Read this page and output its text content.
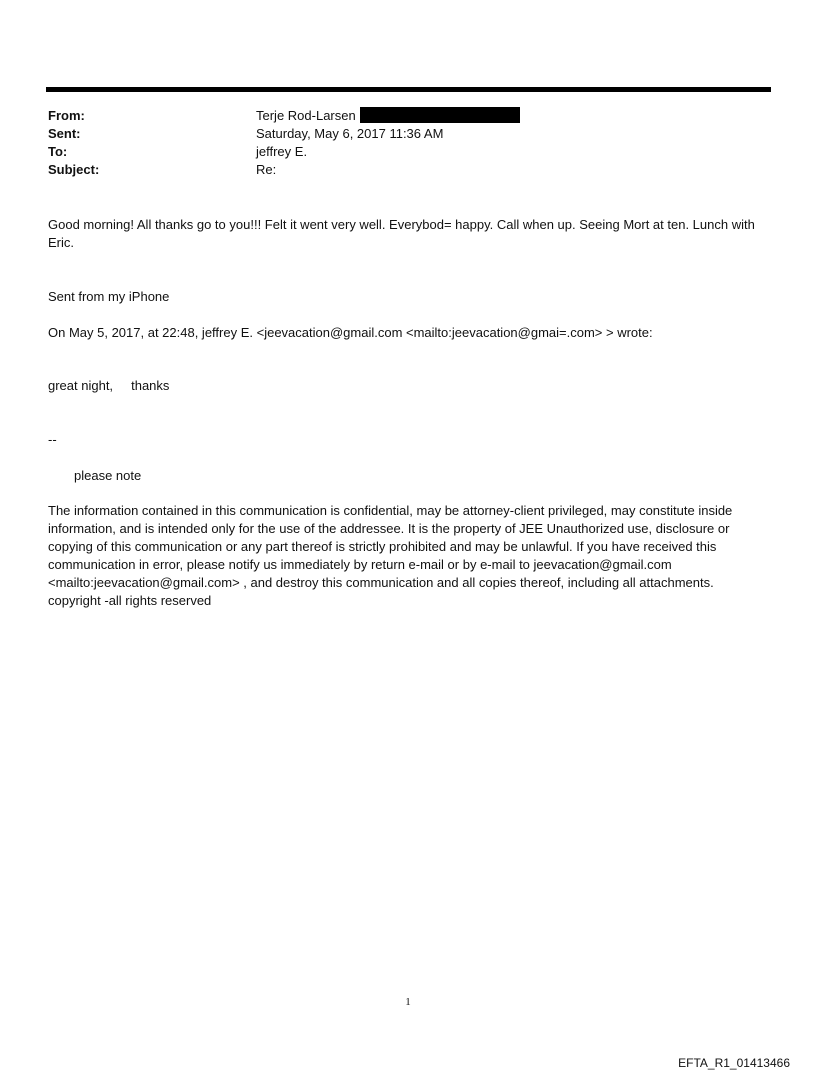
From:	Terje Rod-Larsen
Sent:	Saturday, May 6, 2017 11:36 AM
To:	jeffrey E.
Subject:	Re:

Good morning! All thanks go to you!!! Felt it went very well. Everybod= happy. Call when up. Seeing Mort at ten. Lunch with Eric.

Sent from my iPhone

On May 5, 2017, at 22:48, jeffrey E. <jeevacation@gmail.com <mailto:jeevacation@gmai=.com> > wrote:

great night,     thanks

--

please note

The information contained in this communication is confidential, may be attorney-client privileged, may constitute inside information, and is intended only for the use of the addressee. It is the property of JEE Unauthorized use, disclosure or copying of this communication or any part thereof is strictly prohibited and may be unlawful. If you have received this communication in error, please notify us immediately by return e-mail or by e-mail to jeevacation@gmail.com <mailto:jeevacation@gmail.com> , and destroy this communication and all copies thereof, including all attachments. copyright -all rights reserved

1
EFTA_R1_01413466
